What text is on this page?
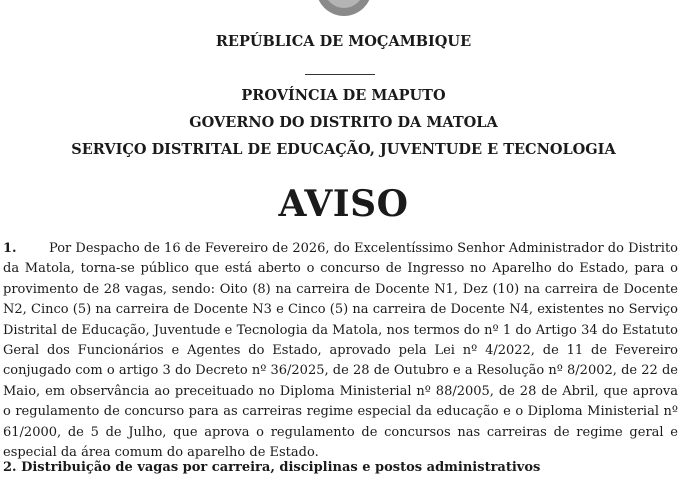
REPÚBLICA DE MOÇAMBIQUE
PROVÍNCIA DE MAPUTO
GOVERNO DO DISTRITO DA MATOLA
SERVIÇO DISTRITAL DE EDUCAÇÃO, JUVENTUDE E TECNOLOGIA
AVISO

1. Por Despacho de 16 de Fevereiro de 2026, do Excelentíssimo Senhor Administrador do Distrito da Matola, torna-se público que está aberto o concurso de Ingresso no Aparelho do Estado, para o provimento de 28 vagas, sendo: Oito (8) na carreira de Docente N1, Dez (10) na carreira de Docente N2, Cinco (5) na carreira de Docente N3 e Cinco (5) na carreira de Docente N4, existentes no Serviço Distrital de Educação, Juventude e Tecnologia da Matola, nos termos do nº 1 do Artigo 34 do Estatuto Geral dos Funcionários e Agentes do Estado, aprovado pela Lei nº 4/2022, de 11 de Fevereiro conjugado com o artigo 3 do Decreto nº 36/2025, de 28 de Outubro e a Resolução nº 8/2002, de 22 de Maio, em observância ao preceituado no Diploma Ministerial nº 88/2005, de 28 de Abril, que aprova o regulamento de concurso para as carreiras regime especial da educação e o Diploma Ministerial nº 61/2000, de 5 de Julho, que aprova o regulamento de concursos nas carreiras de regime geral e especial da área comum do aparelho de Estado.

2. Distribuição de vagas por carreira, disciplinas e postos administrativos
